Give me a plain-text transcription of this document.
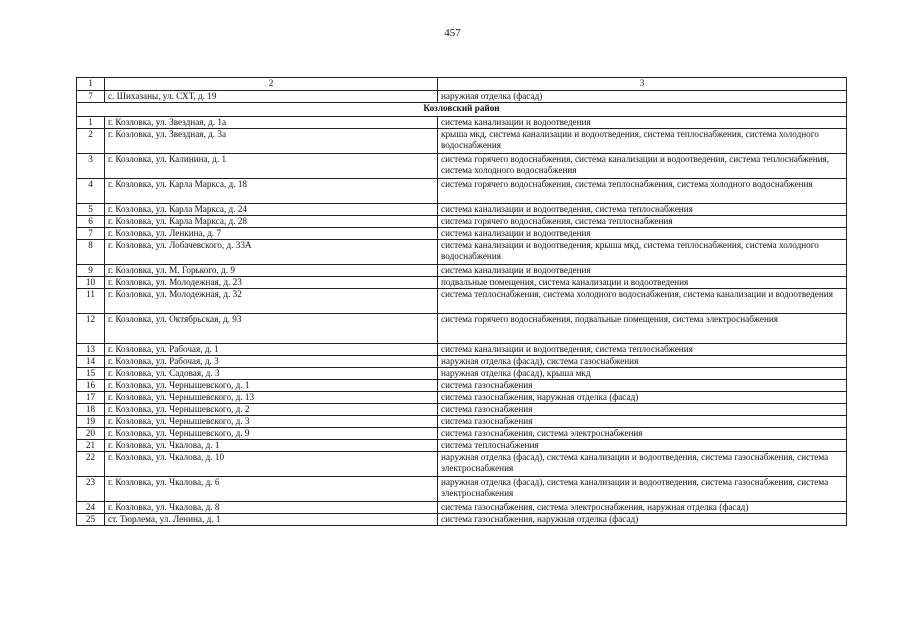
457
1	2	3
7	с. Шихазаны, ул. СХТ, д. 19	наружная отделка (фасад)
Козловский район		
1	г. Козловка, ул. Звездная, д. 1а	система канализации и водоотведения
2	г. Козловка, ул. Звездная, д. 3а	крыша мкд, система канализации и водоотведения, система теплоснабжения, система холодного водоснабжения
3	г. Козловка, ул. Калинина, д. 1	система горячего водоснабжения, система канализации и водоотведения, система теплоснабжения, система холодного водоснабжения
4	г. Козловка, ул. Карла Маркса, д. 18	система горячего водоснабжения, система теплоснабжения, система холодного водоснабжения
5	г. Козловка, ул. Карла Маркса, д. 24	система канализации и водоотведения, система теплоснабжения
6	г. Козловка, ул. Карла Маркса, д. 28	система горячего водоснабжения, система теплоснабжения
7	г. Козловка, ул. Ленкина, д. 7	система канализации и водоотведения
8	г. Козловка, ул. Лобачевского, д. 33А	система канализации и водоотведения, крыша мкд, система теплоснабжения, система холодного водоснабжения
9	г. Козловка, ул. М. Горького, д. 9	система канализации и водоотведения
10	г. Козловка, ул. Молодежная, д. 23	подвальные помещения, система канализации и водоотведения
11	г. Козловка, ул. Молодежная, д. 32	система теплоснабжения, система холодного водоснабжения, система канализации и водоотведения
12	г. Козловка, ул. Октябрьская, д. 93	система горячего водоснабжения, подвальные помещения, система электроснабжения
13	г. Козловка, ул. Рабочая, д. 1	система канализации и водоотведения, система теплоснабжения
14	г. Козловка, ул. Рабочая, д. 3	наружная отделка (фасад), система газоснабжения
15	г. Козловка, ул. Садовая, д. 3	наружная отделка (фасад), крыша мкд
16	г. Козловка, ул. Чернышевского, д. 1	система газоснабжения
17	г. Козловка, ул. Чернышевского, д. 13	система газоснабжения, наружная отделка (фасад)
18	г. Козловка, ул. Чернышевского, д. 2	система газоснабжения
19	г. Козловка, ул. Чернышевского, д. 3	система газоснабжения
20	г. Козловка, ул. Чернышевского, д. 9	система газоснабжения, система электроснабжения
21	г. Козловка, ул. Чкалова, д. 1	система теплоснабжения
22	г. Козловка, ул. Чкалова, д. 10	наружная отделка (фасад), система канализации и водоотведения, система газоснабжения, система электроснабжения
23	г. Козловка, ул. Чкалова, д. 6	наружная отделка (фасад), система канализации и водоотведения, система газоснабжения, система электроснабжения
24	г. Козловка, ул. Чкалова, д. 8	система газоснабжения, система электроснабжения, наружная отделка (фасад)
25	ст. Тюрлема, ул. Ленина, д. 1	система газоснабжения, наружная отделка (фасад)
